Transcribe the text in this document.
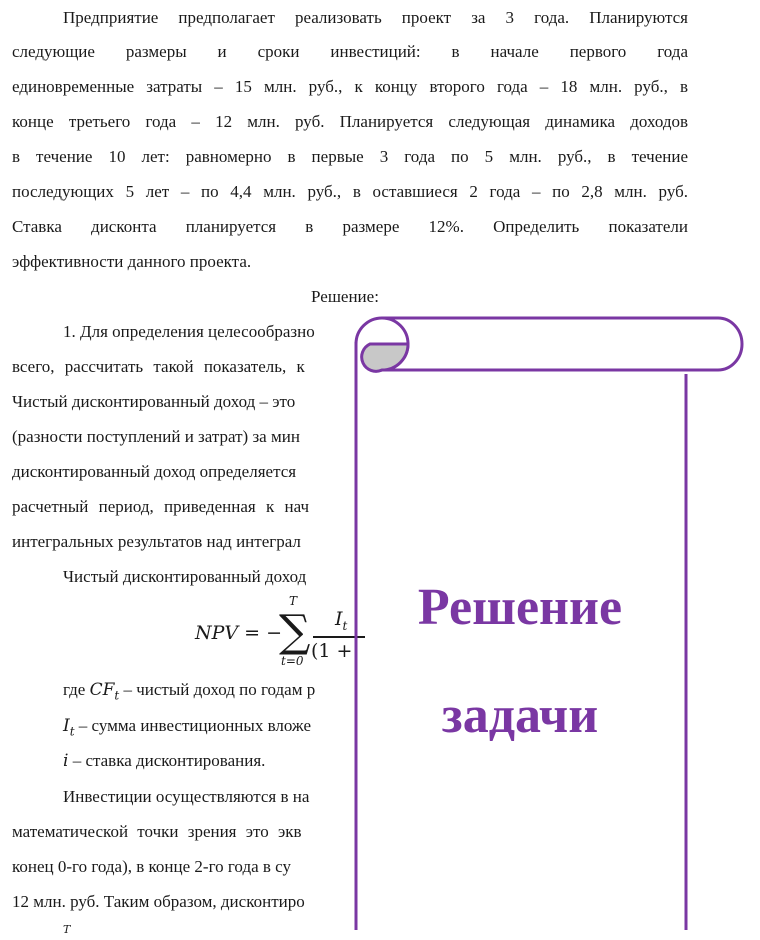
Предприятие предполагает реализовать проект за 3 года. Планируются
следующие размеры и сроки инвестиций: в начале первого года
единовременные затраты – 15 млн. руб., к концу второго года – 18 млн. руб., в
конце третьего года – 12 млн. руб. Планируется следующая динамика доходов
в течение 10 лет: равномерно в первые 3 года по 5 млн. руб., в течение
последующих 5 лет – по 4,4 млн. руб., в оставшиеся 2 года – по 2,8 млн. руб.
Ставка дисконта планируется в размере 12%. Определить показатели
эффективности данного проекта.
Решение:
1. Для определения целесообразно
всего, рассчитать такой показатель, к
Чистый дисконтированный доход – это
(разности поступлений и затрат) за мин
дисконтированный доход определяется
расчетный период, приведенная к нач
интегральных результатов над интеграл
Чистый дисконтированный доход
NPV = −
T
∑
t=0
$I_t$
(1 +
где $CF_t$ – чистый доход по годам р
$I_t$ – сумма инвестиционных вложе
i – ставка дисконтирования.
Инвестиции осуществляются в на
математической точки зрения это экв
конец 0-го года), в конце 2-го года в су
12 млн. руб. Таким образом, дисконтиро
T
Решение
задачи
